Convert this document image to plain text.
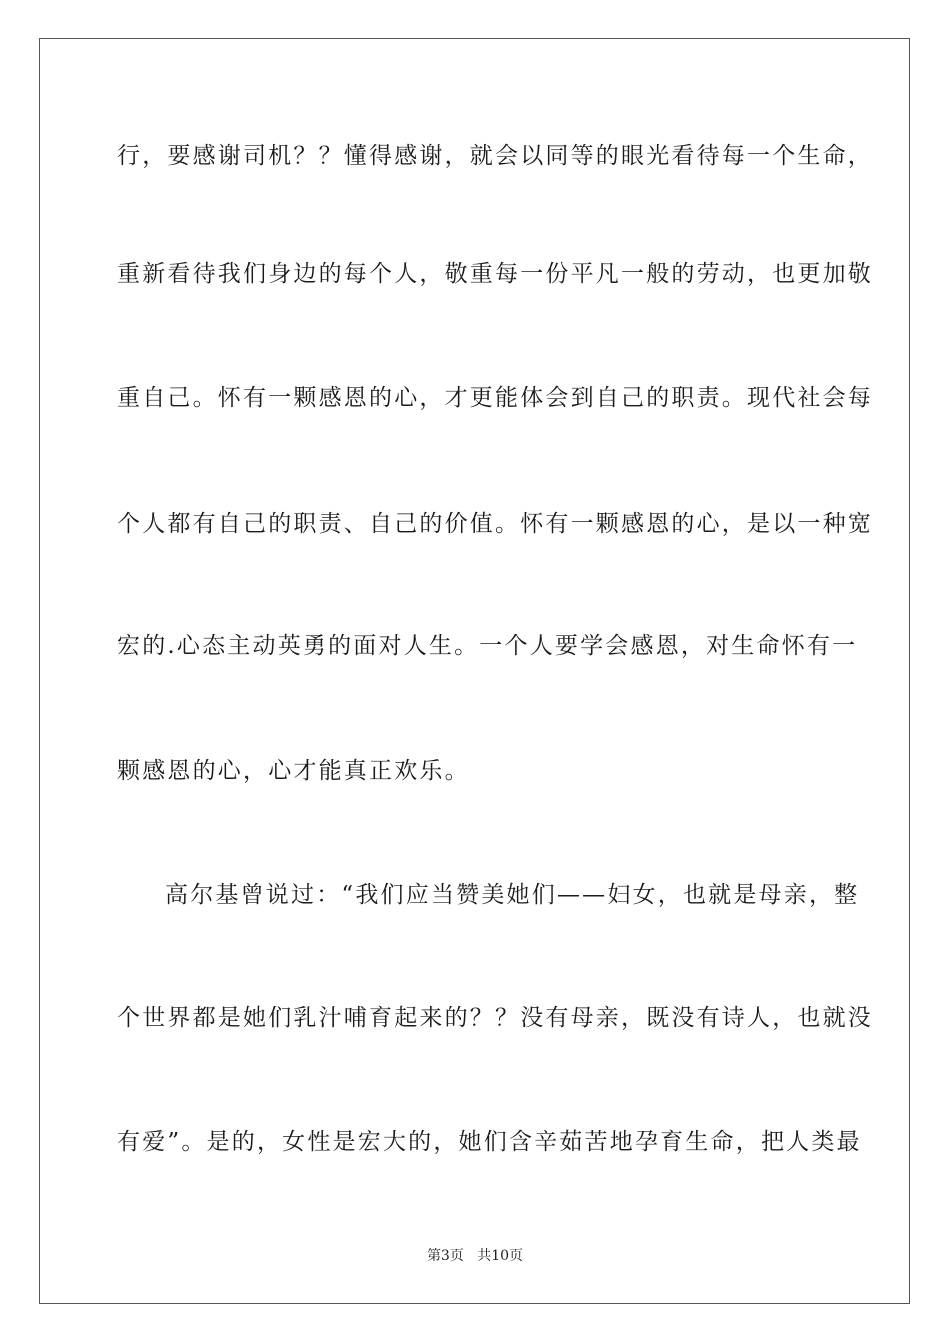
行，要感谢司机？？懂得感谢，就会以同等的眼光看待每一个生命，
重新看待我们身边的每个人，敬重每一份平凡一般的劳动，也更加敬
重自己。怀有一颗感恩的心，才更能体会到自己的职责。现代社会每
个人都有自己的职责、自己的价值。怀有一颗感恩的心，是以一种宽
宏的.心态主动英勇的面对人生。一个人要学会感恩，对生命怀有一
颗感恩的心，心才能真正欢乐。
高尔基曾说过：“我们应当赞美她们——妇女，也就是母亲，整
个世界都是她们乳汁哺育起来的？？没有母亲，既没有诗人，也就没
有爱”。是的，女性是宏大的，她们含辛茹苦地孕育生命，把人类最
第3页 共10页
